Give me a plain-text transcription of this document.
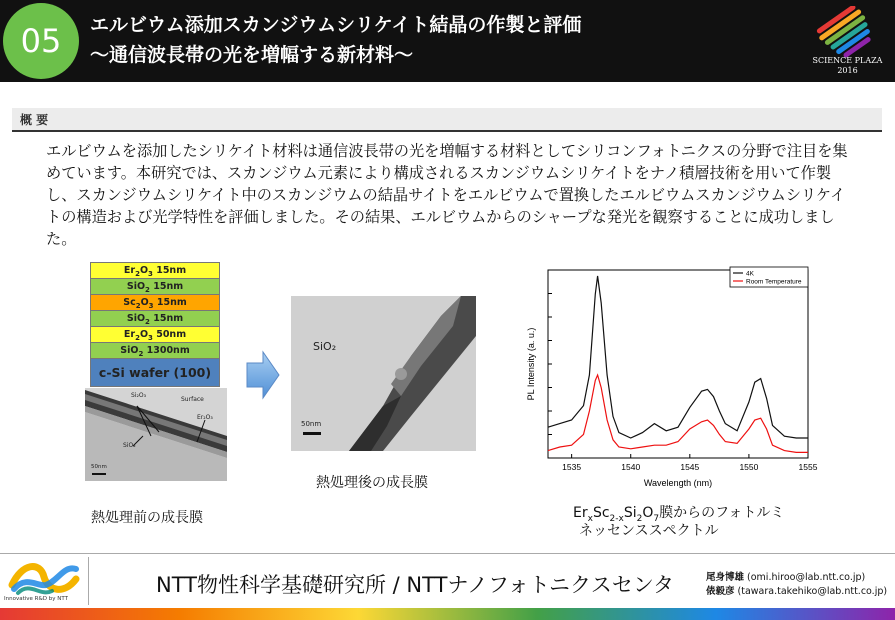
05	エルビウム添加スカンジウムシリケイト結晶の作製と評価
～通信波長帯の光を増幅する新材料～	SCIENCE PLAZA
2016
概 要
エルビウムを添加したシリケイト材料は通信波長帯の光を増幅する材料としてシリコンフォトニクスの分野で注目を集めています。本研究では、スカンジウム元素により構成されるスカンジウムシリケイトをナノ積層技術を用いて作製し、スカンジウムシリケイト中のスカンジウムの結晶サイトをエルビウムで置換したエルビウムスカンジウムシリケイトの構造および光学特性を評価しました。その結果、エルビウムからのシャープな発光を観察することに成功しました。
$Er_2O_3$ 15nm
SiO$_2$ 15nm
$Sc_2O_3$ 15nm
SiO$_2$ 15nm
$Er_2O_3$ 50nm
SiO$_2$ 1300nm
c-Si wafer (100)
Si₂O₃
Surface
Er₂O₃
SiO₂
50nm
SiO₂
50nm
熱処理後の成長膜
熱処理前の成長膜	$Er_xSc_{2-x}Si_2O_7$膜からのフォトルミ
ネッセンススペクトル
1535	1540	1545	1550	1555
Wavelength (nm)
PL Intensity (a. u.)
4K
Room Temperature
Innovative R&D by NTT
NTT物性科学基礎研究所 / NTTナノフォトニクスセンタ	尾身博雄 (omi.hiroo@lab.ntt.co.jp)
俵毅彦 (tawara.takehiko@lab.ntt.co.jp)
